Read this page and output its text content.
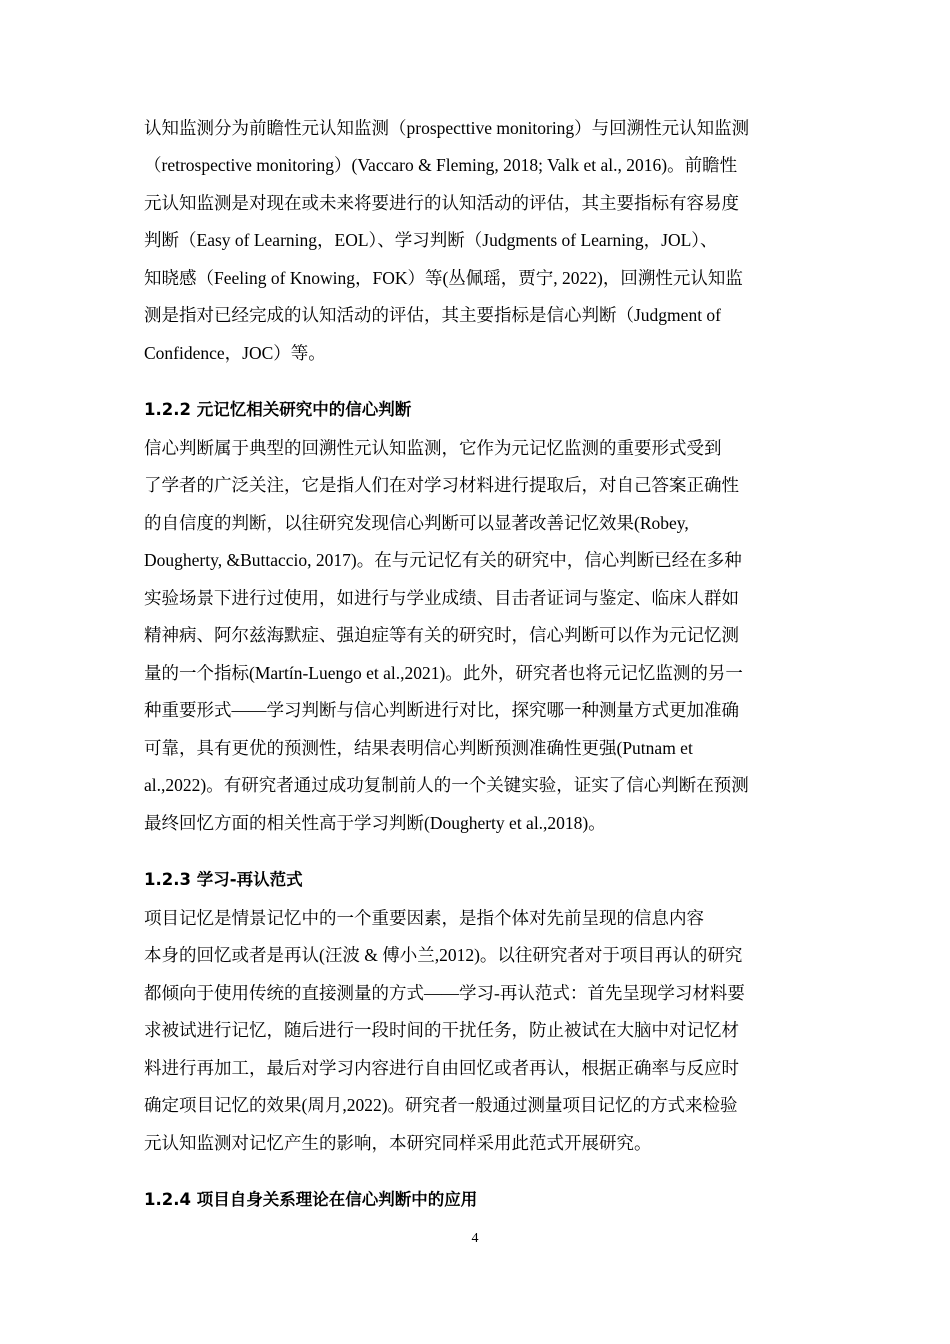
认知监测分为前瞻性元认知监测（prospecttive monitoring）与回溯性元认知监测
（retrospective monitoring）(Vaccaro & Fleming, 2018; Valk et al., 2016)。前瞻性
元认知监测是对现在或未来将要进行的认知活动的评估，其主要指标有容易度
判断（Easy of Learning，EOL）、学习判断（Judgments of Learning，JOL）、
知晓感（Feeling of Knowing，FOK）等(丛佩瑶，贾宁, 2022)，回溯性元认知监
测是指对已经完成的认知活动的评估，其主要指标是信心判断（Judgment of
Confidence，JOC）等。
1.2.2 元记忆相关研究中的信心判断
信心判断属于典型的回溯性元认知监测，它作为元记忆监测的重要形式受到
了学者的广泛关注，它是指人们在对学习材料进行提取后，对自己答案正确性
的自信度的判断，以往研究发现信心判断可以显著改善记忆效果(Robey,
Dougherty, &Buttaccio, 2017)。在与元记忆有关的研究中，信心判断已经在多种
实验场景下进行过使用，如进行与学业成绩、目击者证词与鉴定、临床人群如
精神病、阿尔兹海默症、强迫症等有关的研究时，信心判断可以作为元记忆测
量的一个指标(Martín-Luengo et al.,2021)。此外，研究者也将元记忆监测的另一
种重要形式——学习判断与信心判断进行对比，探究哪一种测量方式更加准确
可靠，具有更优的预测性，结果表明信心判断预测准确性更强(Putnam et
al.,2022)。有研究者通过成功复制前人的一个关键实验，证实了信心判断在预测
最终回忆方面的相关性高于学习判断(Dougherty et al.,2018)。
1.2.3 学习-再认范式
项目记忆是情景记忆中的一个重要因素，是指个体对先前呈现的信息内容
本身的回忆或者是再认(汪波 & 傅小兰,2012)。以往研究者对于项目再认的研究
都倾向于使用传统的直接测量的方式——学习-再认范式：首先呈现学习材料要
求被试进行记忆，随后进行一段时间的干扰任务，防止被试在大脑中对记忆材
料进行再加工，最后对学习内容进行自由回忆或者再认，根据正确率与反应时
确定项目记忆的效果(周月,2022)。研究者一般通过测量项目记忆的方式来检验
元认知监测对记忆产生的影响，本研究同样采用此范式开展研究。
1.2.4 项目自身关系理论在信心判断中的应用
4
